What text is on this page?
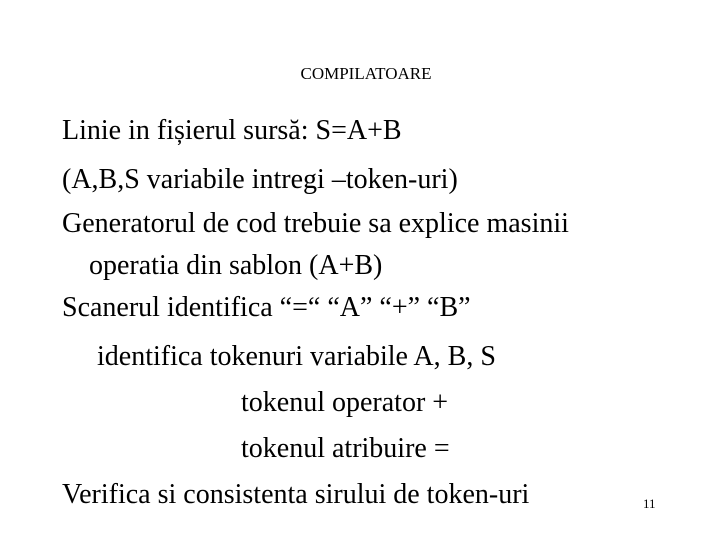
COMPILATOARE
Linie in fișierul sursă: S=A+B
(A,B,S variabile intregi –token-uri)
Generatorul de cod trebuie sa explice masinii
operatia din sablon (A+B)
Scanerul identifica “=“ “A” “+” “B”
identifica tokenuri variabile A, B, S
tokenul operator +
tokenul atribuire =
Verifica si consistenta sirului de token-uri	11
